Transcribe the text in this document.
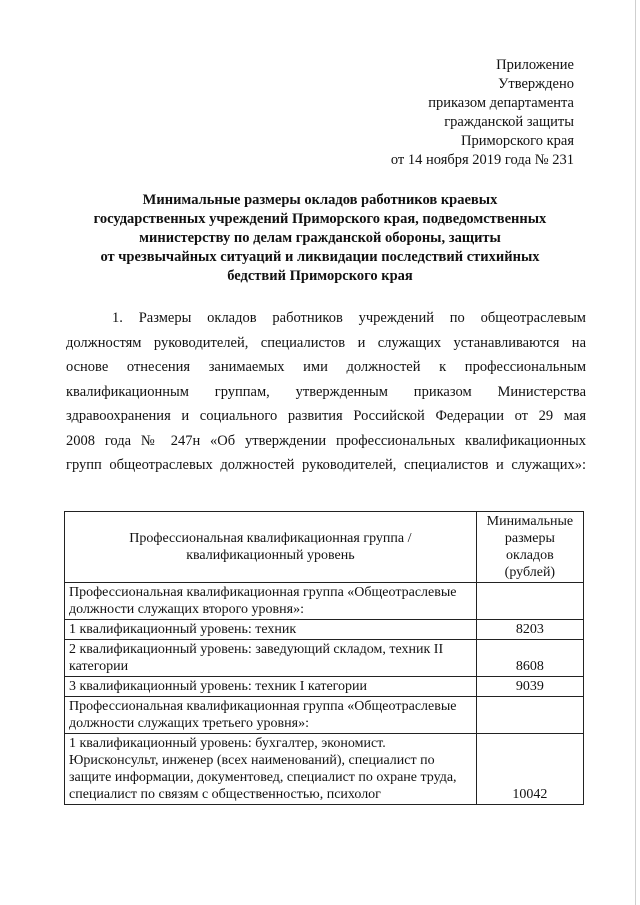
Приложение
Утверждено
приказом департамента
гражданской защиты
Приморского края
от 14 ноября 2019 года № 231
Минимальные размеры окладов работников краевых
государственных учреждений Приморского края, подведомственных
министерству по делам гражданской обороны, защиты
от чрезвычайных ситуаций и ликвидации последствий стихийных
бедствий Приморского края
1. Размеры окладов работников учреждений по общеотраслевым
должностям руководителей, специалистов и служащих устанавливаются на
основе отнесения занимаемых ими должностей к профессиональным
квалификационным группам, утвержденным приказом Министерства
здравоохранения и социального развития Российской Федерации от 29 мая
2008 года № 247н «Об утверждении профессиональных квалификационных
групп общеотраслевых должностей руководителей, специалистов и служащих»:
Профессиональная квалификационная группа / квалификационный уровень	Минимальные размеры окладов (рублей)
Профессиональная квалификационная группа «Общеотраслевые должности служащих второго уровня»:	
1 квалификационный уровень: техник	8203
2 квалификационный уровень: заведующий складом, техник II категории	8608
3 квалификационный уровень: техник I категории	9039
Профессиональная квалификационная группа «Общеотраслевые должности служащих третьего уровня»:	
1 квалификационный уровень: бухгалтер, экономист. Юрисконсульт, инженер (всех наименований), специалист по защите информации, документовед, специалист по охране труда, специалист по связям с общественностью, психолог	10042
